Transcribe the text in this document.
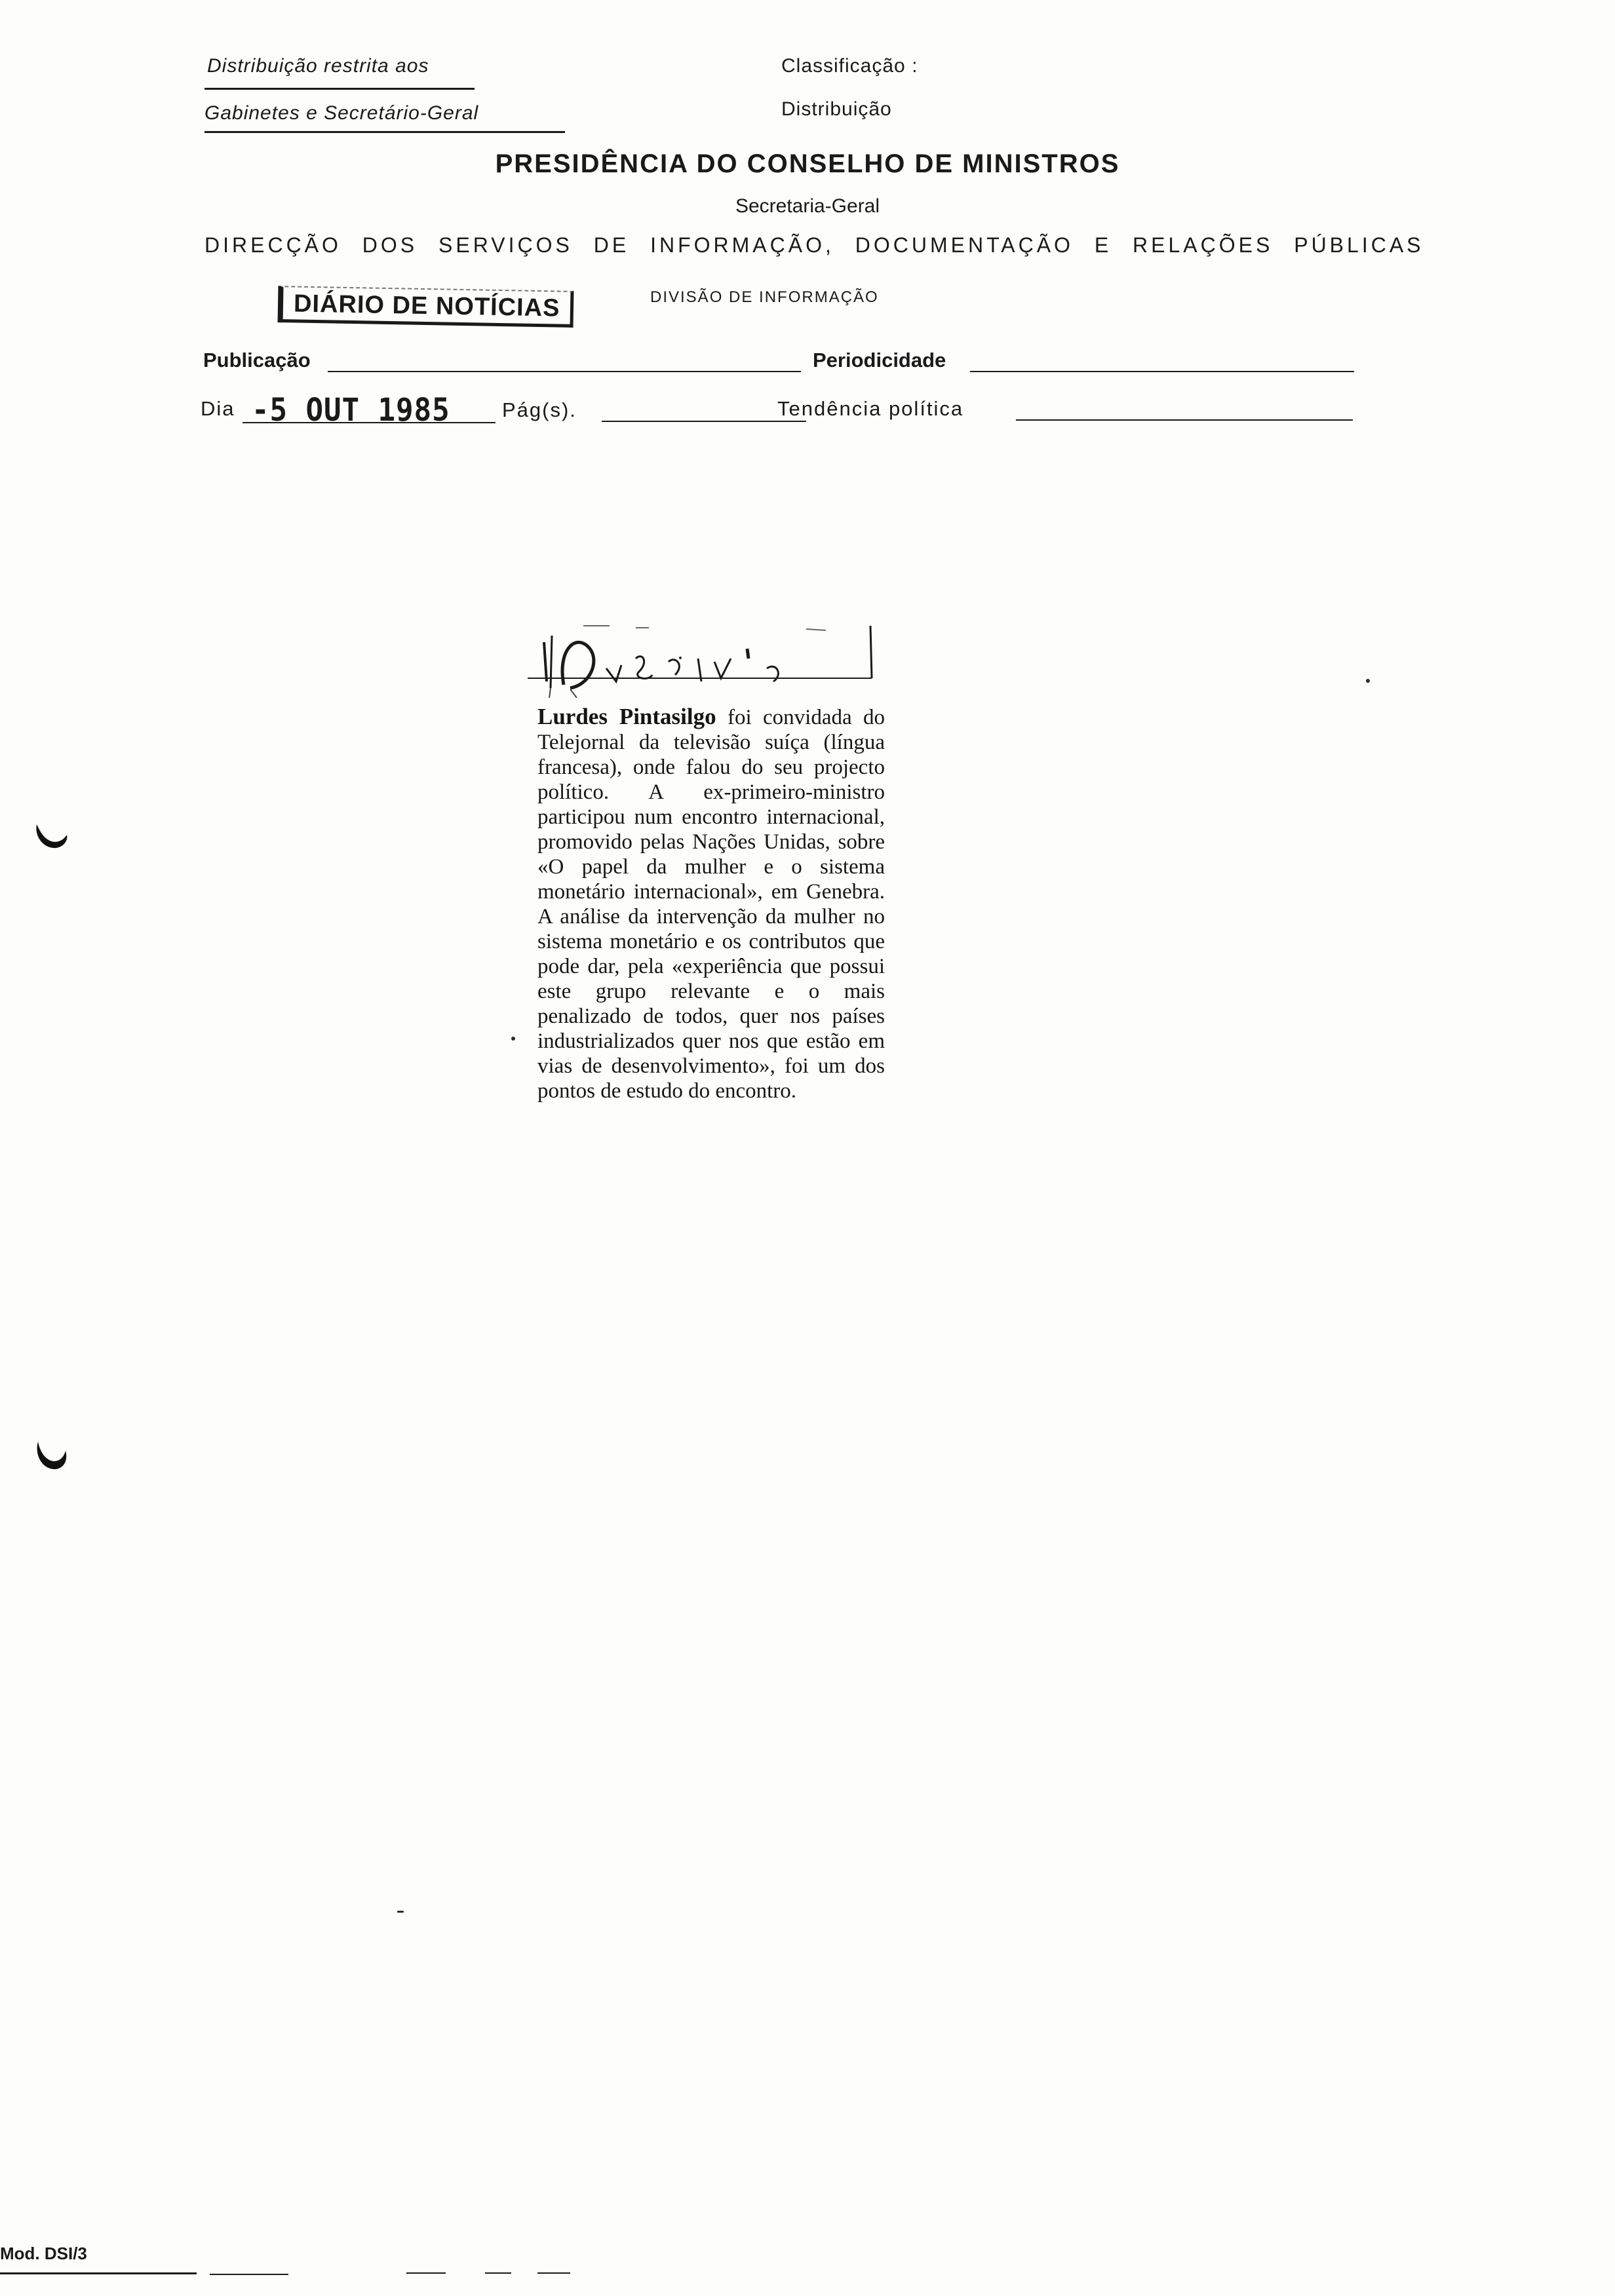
Distribuição restrita aos
Gabinetes e Secretário-Geral
Classificação :
Distribuição
PRESIDÊNCIA DO CONSELHO DE MINISTROS
Secretaria-Geral
DIRECÇÃO DOS SERVIÇOS DE INFORMAÇÃO, DOCUMENTAÇÃO E RELAÇÕES PÚBLICAS
DIÁRIO DE NOTÍCIAS	DIVISÃO DE INFORMAÇÃO
Publicação	Periodicidade
Dia -5 OUT 1985	Pág(s).	Tendência política
Lurdes Pintasilgo foi convidada do Telejornal da televisão suíça (língua francesa), onde falou do seu projecto político. A ex-primeiro-ministro participou num encontro internacional, promovido pelas Nações Unidas, sobre «O papel da mulher e o sistema monetário internacional», em Genebra. A análise da intervenção da mulher no sistema monetário e os contributos que pode dar, pela «experiência que possui este grupo relevante e o mais penalizado de todos, quer nos países industrializados quer nos que estão em vias de desenvolvimento», foi um dos pontos de estudo do encontro.
Mod. DSI/3
